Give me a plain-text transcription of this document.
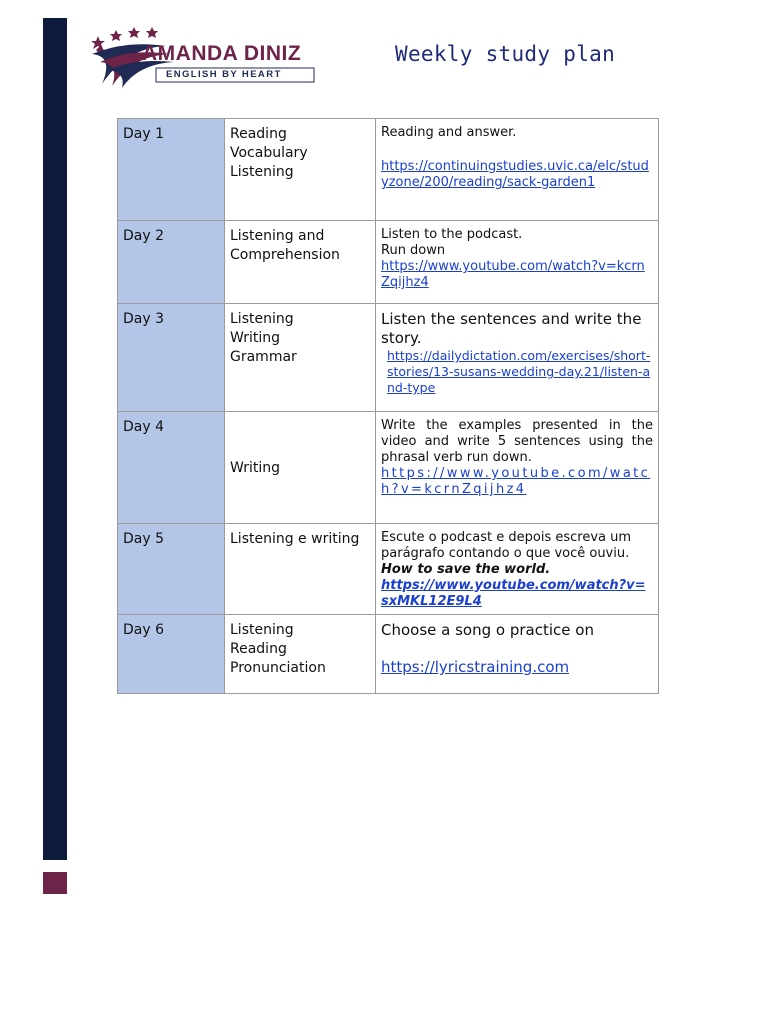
AMANDA DINIZ

ENGLISH BY HEART

Weekly study plan
Day 1	Reading
Vocabulary
Listening	Reading and answer.
https://continuingstudies.uvic.ca/elc/studyzone/200/reading/sack-garden1

Day 2	Listening and Comprehension	Listen to the podcast.
Run down
https://www.youtube.com/watch?v=kcrnZqijhz4

Day 3	Listening
Writing
Grammar	Listen the sentences and write the story.
https://dailydictation.com/exercises/short-stories/13-susans-wedding-day.21/listen-and-type

Day 4	Writing	Write the examples presented in the video and write 5 sentences using the phrasal verb run down.
https://www.youtube.com/watch?v=kcrnZqijhz4

Day 5	Listening e writing	Escute o podcast e depois escreva um parágrafo contando o que você ouviu.
How to save the world.
https://www.youtube.com/watch?v=sxMKL12E9L4

Day 6	Listening
Reading
Pronunciation	Choose a song o practice on
https://lyricstraining.com
